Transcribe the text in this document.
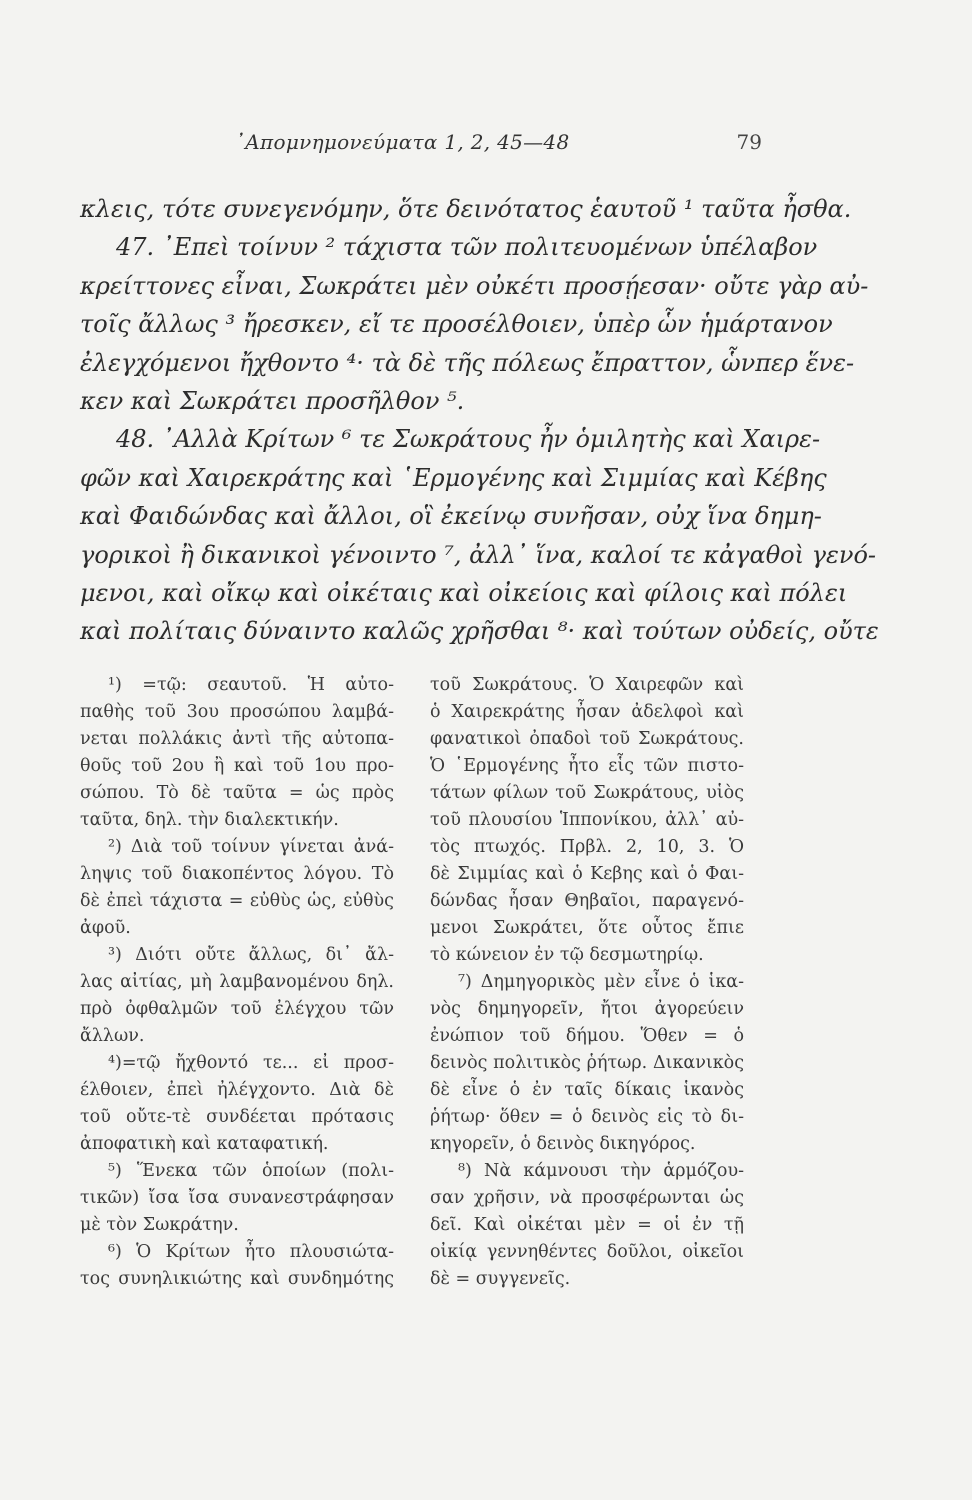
᾽Απομνημονεύματα 1, 2, 45—48	79
κλεις, τότε συνεγενόμην, ὅτε δεινότατος ἑαυτοῦ ¹ ταῦτα ἦσθα.
47. ᾽Επεὶ τοίνυν ² τάχιστα τῶν πολιτευομένων ὑπέλαβον
κρείττονες εἶναι, Σωκράτει μὲν οὐκέτι προσῄεσαν· οὔτε γὰρ αὐ-
τοῖς ἄλλως ³ ἤρεσκεν, εἴ τε προσέλθοιεν, ὑπὲρ ὧν ἡμάρτανον
ἐλεγχόμενοι ἤχθοντο ⁴· τὰ δὲ τῆς πόλεως ἔπραττον, ὧνπερ ἕνε-
κεν καὶ Σωκράτει προσῆλθον ⁵.
48. ᾽Αλλὰ Κρίτων ⁶ τε Σωκράτους ἦν ὁμιλητὴς καὶ Χαιρε-
φῶν καὶ Χαιρεκράτης καὶ ῾Ερμογένης καὶ Σιμμίας καὶ Κέβης
καὶ Φαιδώνδας καὶ ἄλλοι, οἳ ἐκείνῳ συνῆσαν, οὐχ ἵνα δημη-
γορικοὶ ἢ δικανικοὶ γένοιντο ⁷, ἀλλ᾽ ἵνα, καλοί τε κἀγαθοὶ γενό-
μενοι, καὶ οἴκῳ καὶ οἰκέταις καὶ οἰκείοις καὶ φίλοις καὶ πόλει
καὶ πολίταις δύναιντο καλῶς χρῆσθαι ⁸· καὶ τούτων οὐδείς, οὔτε
¹) =τῷ: σεαυτοῦ. Ἡ αὐτο-
παθὴς τοῦ 3ου προσώπου λαμβά-
νεται πολλάκις ἀντὶ τῆς αὐτοπα-
θοῦς τοῦ 2ου ἢ καὶ τοῦ 1ου προ-
σώπου. Τὸ δὲ ταῦτα = ὡς πρὸς
ταῦτα, δηλ. τὴν διαλεκτικήν.
²) Διὰ τοῦ τοίνυν γίνεται ἀνά-
ληψις τοῦ διακοπέντος λόγου. Τὸ
δὲ ἐπεὶ τάχιστα = εὐθὺς ὡς, εὐθὺς
ἀφοῦ.
³) Διότι οὔτε ἄλλως, δι᾽ ἄλ-
λας αἰτίας, μὴ λαμβανομένου δηλ.
πρὸ ὀφθαλμῶν τοῦ ἐλέγχου τῶν
ἄλλων.
⁴)=τῷ ἤχθοντό τε... εἰ προσ-
έλθοιεν, ἐπεὶ ἠλέγχοντο. Διὰ δὲ
τοῦ οὔτε-τὲ συνδέεται πρότασις
ἀποφατικὴ καὶ καταφατική.
⁵) Ἕνεκα τῶν ὁποίων (πολι-
τικῶν) ἴσα ἴσα συνανεστράφησαν
μὲ τὸν Σωκράτην.
⁶) Ὁ Κρίτων ἦτο πλουσιώτα-
τος συνηλικιώτης καὶ συνδημότης
τοῦ Σωκράτους. Ὁ Χαιρεφῶν καὶ
ὁ Χαιρεκράτης ἦσαν ἀδελφοὶ καὶ
φανατικοὶ ὀπαδοὶ τοῦ Σωκράτους.
Ὁ ῾Ερμογένης ἦτο εἷς τῶν πιστο-
τάτων φίλων τοῦ Σωκράτους, υἱὸς
τοῦ πλουσίου Ἱππονίκου, ἀλλ᾽ αὐ-
τὸς πτωχός. Πρβλ. 2, 10, 3. Ὁ
δὲ Σιμμίας καὶ ὁ Κεβης καὶ ὁ Φαι-
δώνδας ἦσαν Θηβαῖοι, παραγενό-
μενοι Σωκράτει, ὅτε οὗτος ἔπιε
τὸ κώνειον ἐν τῷ δεσμωτηρίῳ.
⁷) Δημηγορικὸς μὲν εἶνε ὁ ἱκα-
νὸς δημηγορεῖν, ἤτοι ἀγορεύειν
ἐνώπιον τοῦ δήμου. Ὅθεν = ὁ
δεινὸς πολιτικὸς ῥήτωρ. Δικανικὸς
δὲ εἶνε ὁ ἐν ταῖς δίκαις ἱκανὸς
ῥήτωρ· ὅθεν = ὁ δεινὸς εἰς τὸ δι-
κηγορεῖν, ὁ δεινὸς δικηγόρος.
⁸) Νὰ κάμνουσι τὴν ἁρμόζου-
σαν χρῆσιν, νὰ προσφέρωνται ὡς
δεῖ. Καὶ οἰκέται μὲν = οἱ ἐν τῇ
οἰκίᾳ γεννηθέντες δοῦλοι, οἰκεῖοι
δὲ = συγγενεῖς.
